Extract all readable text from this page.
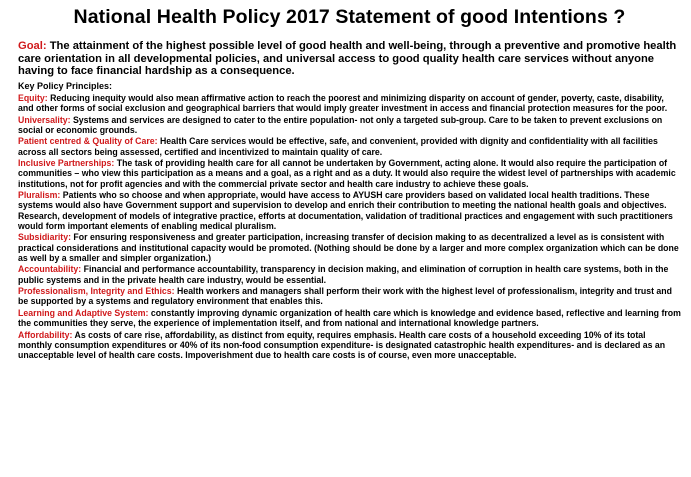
National Health Policy 2017 Statement of good Intentions ?
Goal: The attainment of the highest possible level of good health and well-being, through a preventive and promotive health care orientation in all developmental policies, and universal access to good quality health care services without anyone having to face financial hardship as a consequence.
Key Policy Principles:
Equity: Reducing inequity would also mean affirmative action to reach the poorest and minimizing disparity on account of gender, poverty, caste, disability, and other forms of social exclusion and geographical barriers that would imply greater investment in access and financial protection measures for the poor.
Universality: Systems and services are designed to cater to the entire population- not only a targeted sub-group. Care to be taken to prevent exclusions on social or economic grounds.
Patient centred & Quality of Care: Health Care services would be effective, safe, and convenient, provided with dignity and confidentiality with all facilities across all sectors being assessed, certified and incentivized to maintain quality of care.
Inclusive Partnerships: The task of providing health care for all cannot be undertaken by Government, acting alone. It would also require the participation of communities – who view this participation as a means and a goal, as a right and as a duty. It would also require the widest level of partnerships with academic institutions, not for profit agencies and with the commercial private sector and health care industry to achieve these goals.
Pluralism: Patients who so choose and when appropriate, would have access to AYUSH care providers based on validated local health traditions. These systems would also have Government support and supervision to develop and enrich their contribution to meeting the national health goals and objectives. Research, development of models of integrative practice, efforts at documentation, validation of traditional practices and engagement with such practitioners would form important elements of enabling medical pluralism.
Subsidiarity: For ensuring responsiveness and greater participation, increasing transfer of decision making to as decentralized a level as is consistent with practical considerations and institutional capacity would be promoted. (Nothing should be done by a larger and more complex organization which can be done as well by a smaller and simpler organization.)
Accountability: Financial and performance accountability, transparency in decision making, and elimination of corruption in health care systems, both in the public systems and in the private health care industry, would be essential.
Professionalism, Integrity and Ethics: Health workers and managers shall perform their work with the highest level of professionalism, integrity and trust and be supported by a systems and regulatory environment that enables this.
Learning and Adaptive System: constantly improving dynamic organization of health care which is knowledge and evidence based, reflective and learning from the communities they serve, the experience of implementation itself, and from national and international knowledge partners.
Affordability: As costs of care rise, affordability, as distinct from equity, requires emphasis. Health care costs of a household exceeding 10% of its total monthly consumption expenditures or 40% of its non-food consumption expenditure- is designated catastrophic health expenditures- and is declared as an unacceptable level of health care costs. Impoverishment due to health care costs is of course, even more unacceptable.
